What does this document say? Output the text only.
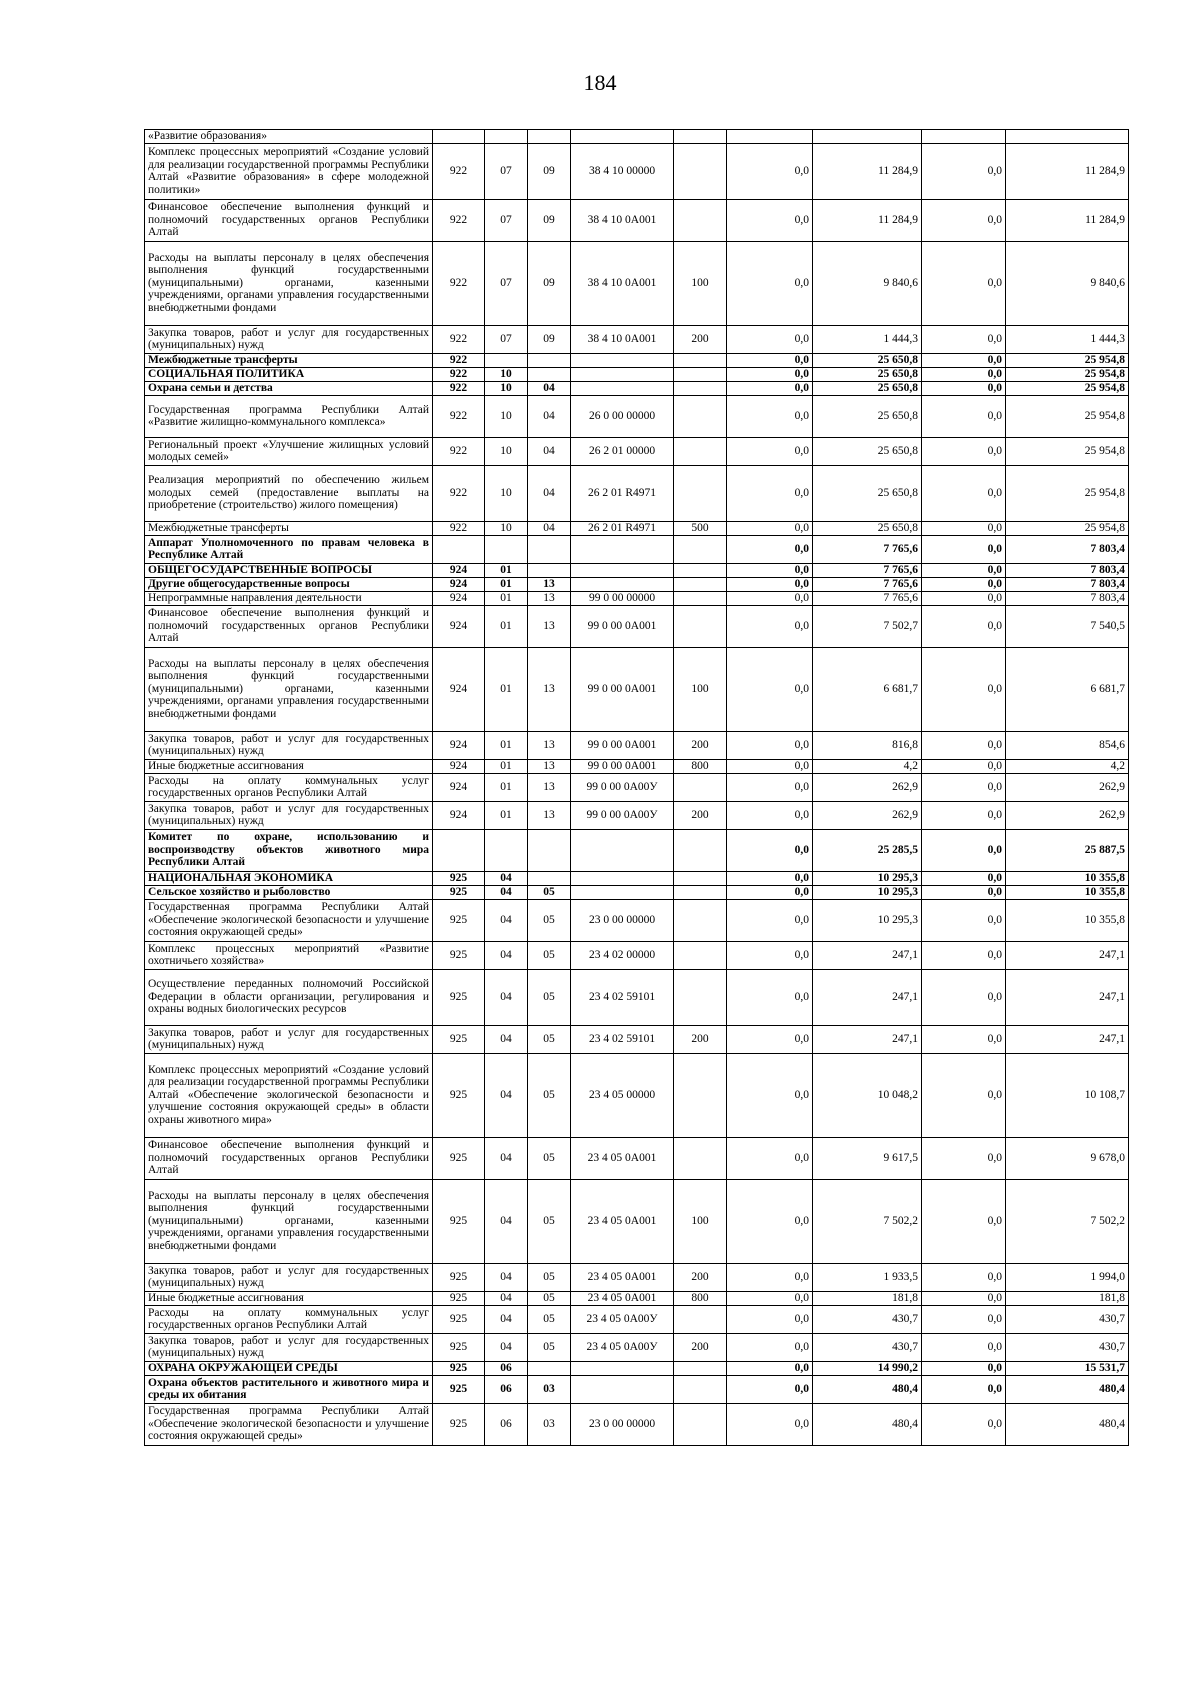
184
«Развитие образования»									
Комплекс процессных мероприятий «Создание условий для реализации государственной программы Республики Алтай «Развитие образования» в сфере молодежной политики»	922	07	09	38 4 10 00000		0,0	11 284,9	0,0	11 284,9
Финансовое обеспечение выполнения функций и полномочий государственных органов Республики Алтай	922	07	09	38 4 10 0А001		0,0	11 284,9	0,0	11 284,9
Расходы на выплаты персоналу в целях обеспечения выполнения функций государственными (муниципальными) органами, казенными учреждениями, органами управления государственными внебюджетными фондами	922	07	09	38 4 10 0А001	100	0,0	9 840,6	0,0	9 840,6
Закупка товаров, работ и услуг для государственных (муниципальных) нужд	922	07	09	38 4 10 0А001	200	0,0	1 444,3	0,0	1 444,3
Межбюджетные трансферты	922					0,0	25 650,8	0,0	25 954,8
СОЦИАЛЬНАЯ ПОЛИТИКА	922	10				0,0	25 650,8	0,0	25 954,8
Охрана семьи и детства	922	10	04			0,0	25 650,8	0,0	25 954,8
Государственная программа Республики Алтай «Развитие жилищно-коммунального комплекса»	922	10	04	26 0 00 00000		0,0	25 650,8	0,0	25 954,8
Региональный проект «Улучшение жилищных условий молодых семей»	922	10	04	26 2 01 00000		0,0	25 650,8	0,0	25 954,8
Реализация мероприятий по обеспечению жильем молодых семей (предоставление выплаты на приобретение (строительство) жилого помещения)	922	10	04	26 2 01 R4971		0,0	25 650,8	0,0	25 954,8
Межбюджетные трансферты	922	10	04	26 2 01 R4971	500	0,0	25 650,8	0,0	25 954,8
Аппарат Уполномоченного по правам человека в Республике Алтай						0,0	7 765,6	0,0	7 803,4
ОБЩЕГОСУДАРСТВЕННЫЕ ВОПРОСЫ	924	01				0,0	7 765,6	0,0	7 803,4
Другие общегосударственные вопросы	924	01	13			0,0	7 765,6	0,0	7 803,4
Непрограммные направления деятельности	924	01	13	99 0 00 00000		0,0	7 765,6	0,0	7 803,4
Финансовое обеспечение выполнения функций и полномочий государственных органов Республики Алтай	924	01	13	99 0 00 0А001		0,0	7 502,7	0,0	7 540,5
Расходы на выплаты персоналу в целях обеспечения выполнения функций государственными (муниципальными) органами, казенными учреждениями, органами управления государственными внебюджетными фондами	924	01	13	99 0 00 0А001	100	0,0	6 681,7	0,0	6 681,7
Закупка товаров, работ и услуг для государственных (муниципальных) нужд	924	01	13	99 0 00 0А001	200	0,0	816,8	0,0	854,6
Иные бюджетные ассигнования	924	01	13	99 0 00 0А001	800	0,0	4,2	0,0	4,2
Расходы на оплату коммунальных услуг государственных органов Республики Алтай	924	01	13	99 0 00 0А00У		0,0	262,9	0,0	262,9
Закупка товаров, работ и услуг для государственных (муниципальных) нужд	924	01	13	99 0 00 0А00У	200	0,0	262,9	0,0	262,9
Комитет по охране, использованию и воспроизводству объектов животного мира Республики Алтай						0,0	25 285,5	0,0	25 887,5
НАЦИОНАЛЬНАЯ ЭКОНОМИКА	925	04				0,0	10 295,3	0,0	10 355,8
Сельское хозяйство и рыболовство	925	04	05			0,0	10 295,3	0,0	10 355,8
Государственная программа Республики Алтай «Обеспечение экологической безопасности и улучшение состояния окружающей среды»	925	04	05	23 0 00 00000		0,0	10 295,3	0,0	10 355,8
Комплекс процессных мероприятий «Развитие охотничьего хозяйства»	925	04	05	23 4 02 00000		0,0	247,1	0,0	247,1
Осуществление переданных полномочий Российской Федерации в области организации, регулирования и охраны водных биологических ресурсов	925	04	05	23 4 02 59101		0,0	247,1	0,0	247,1
Закупка товаров, работ и услуг для государственных (муниципальных) нужд	925	04	05	23 4 02 59101	200	0,0	247,1	0,0	247,1
Комплекс процессных мероприятий «Создание условий для реализации государственной программы Республики Алтай «Обеспечение экологической безопасности и улучшение состояния окружающей среды» в области охраны животного мира»	925	04	05	23 4 05 00000		0,0	10 048,2	0,0	10 108,7
Финансовое обеспечение выполнения функций и полномочий государственных органов Республики Алтай	925	04	05	23 4 05 0А001		0,0	9 617,5	0,0	9 678,0
Расходы на выплаты персоналу в целях обеспечения выполнения функций государственными (муниципальными) органами, казенными учреждениями, органами управления государственными внебюджетными фондами	925	04	05	23 4 05 0А001	100	0,0	7 502,2	0,0	7 502,2
Закупка товаров, работ и услуг для государственных (муниципальных) нужд	925	04	05	23 4 05 0А001	200	0,0	1 933,5	0,0	1 994,0
Иные бюджетные ассигнования	925	04	05	23 4 05 0А001	800	0,0	181,8	0,0	181,8
Расходы на оплату коммунальных услуг государственных органов Республики Алтай	925	04	05	23 4 05 0А00У		0,0	430,7	0,0	430,7
Закупка товаров, работ и услуг для государственных (муниципальных) нужд	925	04	05	23 4 05 0А00У	200	0,0	430,7	0,0	430,7
ОХРАНА ОКРУЖАЮЩЕЙ СРЕДЫ	925	06				0,0	14 990,2	0,0	15 531,7
Охрана объектов растительного и животного мира и среды их обитания	925	06	03			0,0	480,4	0,0	480,4
Государственная программа Республики Алтай «Обеспечение экологической безопасности и улучшение состояния окружающей среды»	925	06	03	23 0 00 00000		0,0	480,4	0,0	480,4
